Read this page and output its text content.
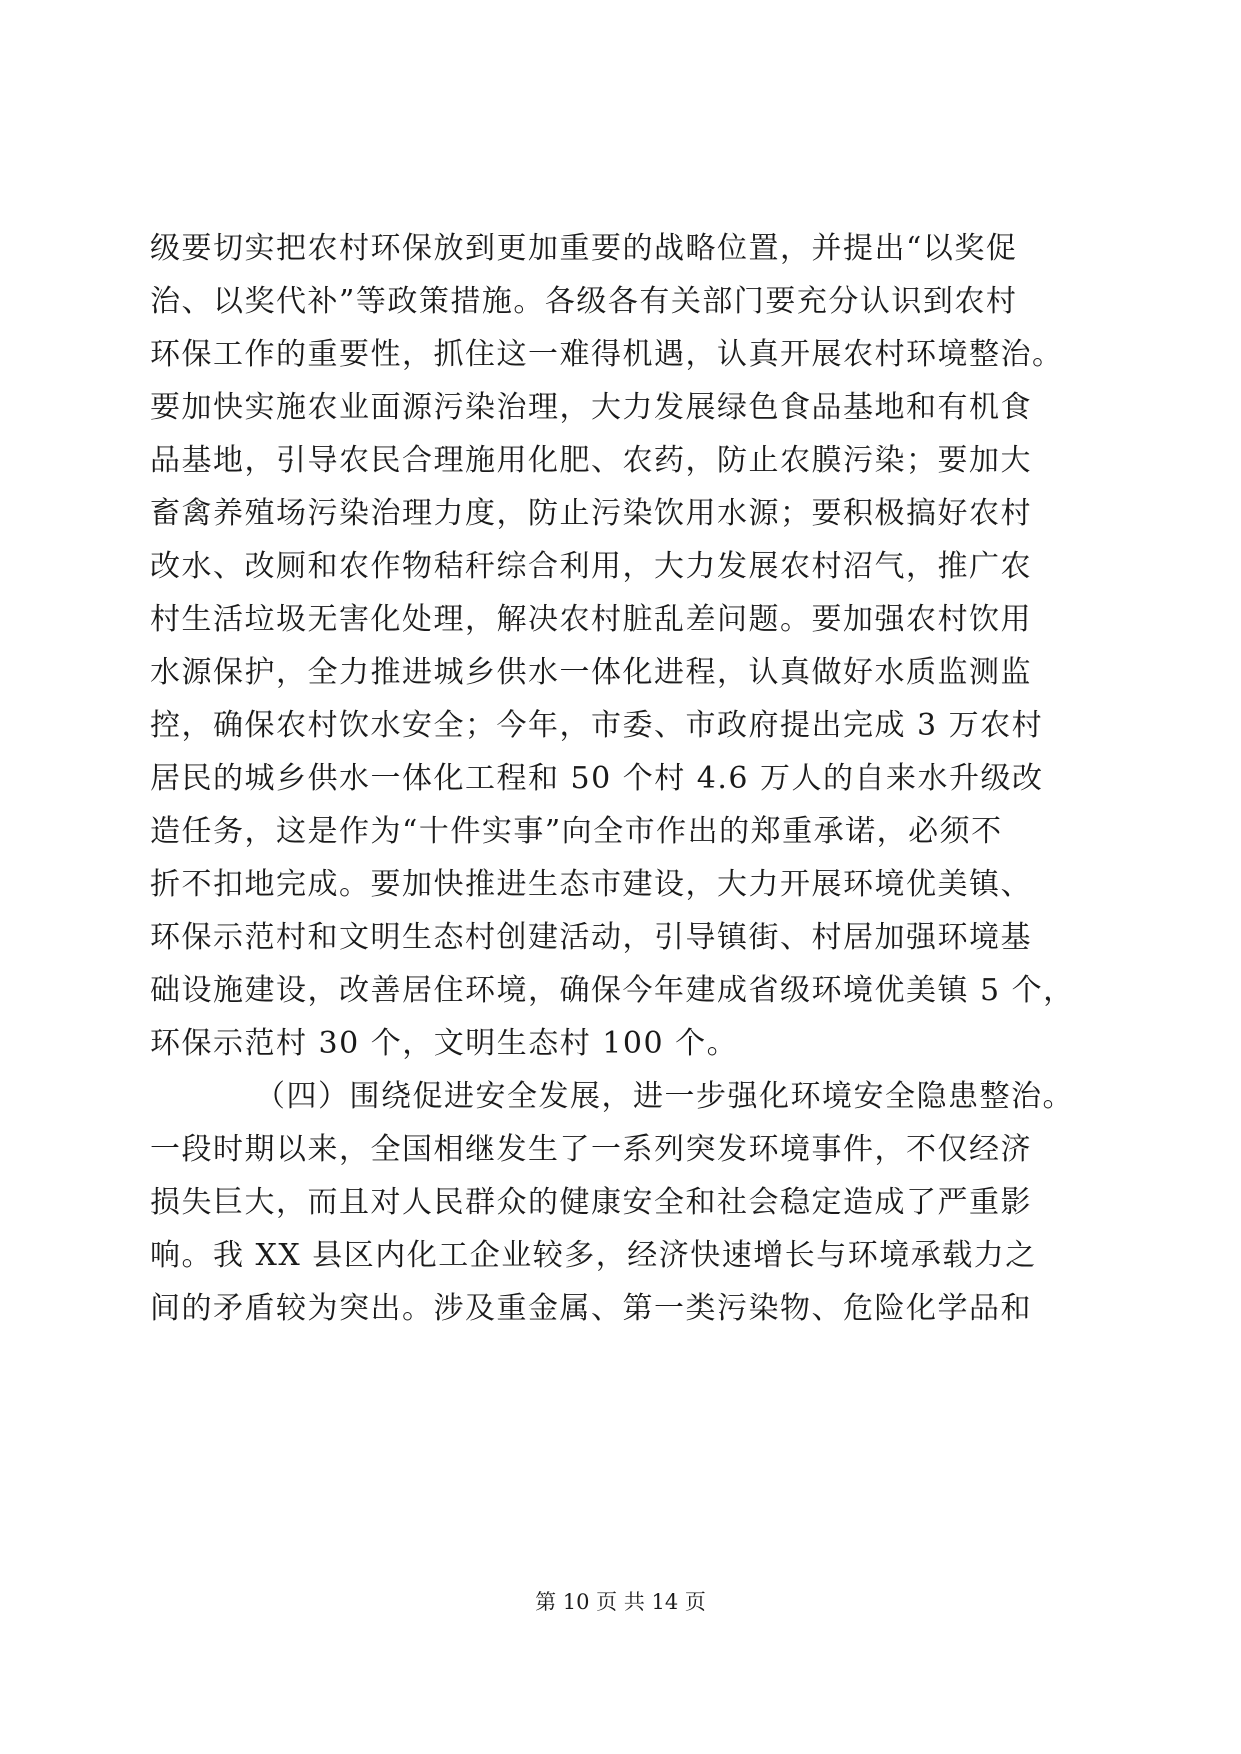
级要切实把农村环保放到更加重要的战略位置，并提出“以奖促
治、以奖代补”等政策措施。各级各有关部门要充分认识到农村
环保工作的重要性，抓住这一难得机遇，认真开展农村环境整治。
要加快实施农业面源污染治理，大力发展绿色食品基地和有机食
品基地，引导农民合理施用化肥、农药，防止农膜污染；要加大
畜禽养殖场污染治理力度，防止污染饮用水源；要积极搞好农村
改水、改厕和农作物秸秆综合利用，大力发展农村沼气，推广农
村生活垃圾无害化处理，解决农村脏乱差问题。要加强农村饮用
水源保护，全力推进城乡供水一体化进程，认真做好水质监测监
控，确保农村饮水安全；今年，市委、市政府提出完成 3 万农村
居民的城乡供水一体化工程和 50 个村 4.6 万人的自来水升级改
造任务，这是作为“十件实事”向全市作出的郑重承诺，必须不
折不扣地完成。要加快推进生态市建设，大力开展环境优美镇、
环保示范村和文明生态村创建活动，引导镇街、村居加强环境基
础设施建设，改善居住环境，确保今年建成省级环境优美镇 5 个，
环保示范村 30 个，文明生态村 100 个。
（四）围绕促进安全发展，进一步强化环境安全隐患整治。
一段时期以来，全国相继发生了一系列突发环境事件，不仅经济
损失巨大，而且对人民群众的健康安全和社会稳定造成了严重影
响。我 XX 县区内化工企业较多，经济快速增长与环境承载力之
间的矛盾较为突出。涉及重金属、第一类污染物、危险化学品和
第 10 页 共 14 页
